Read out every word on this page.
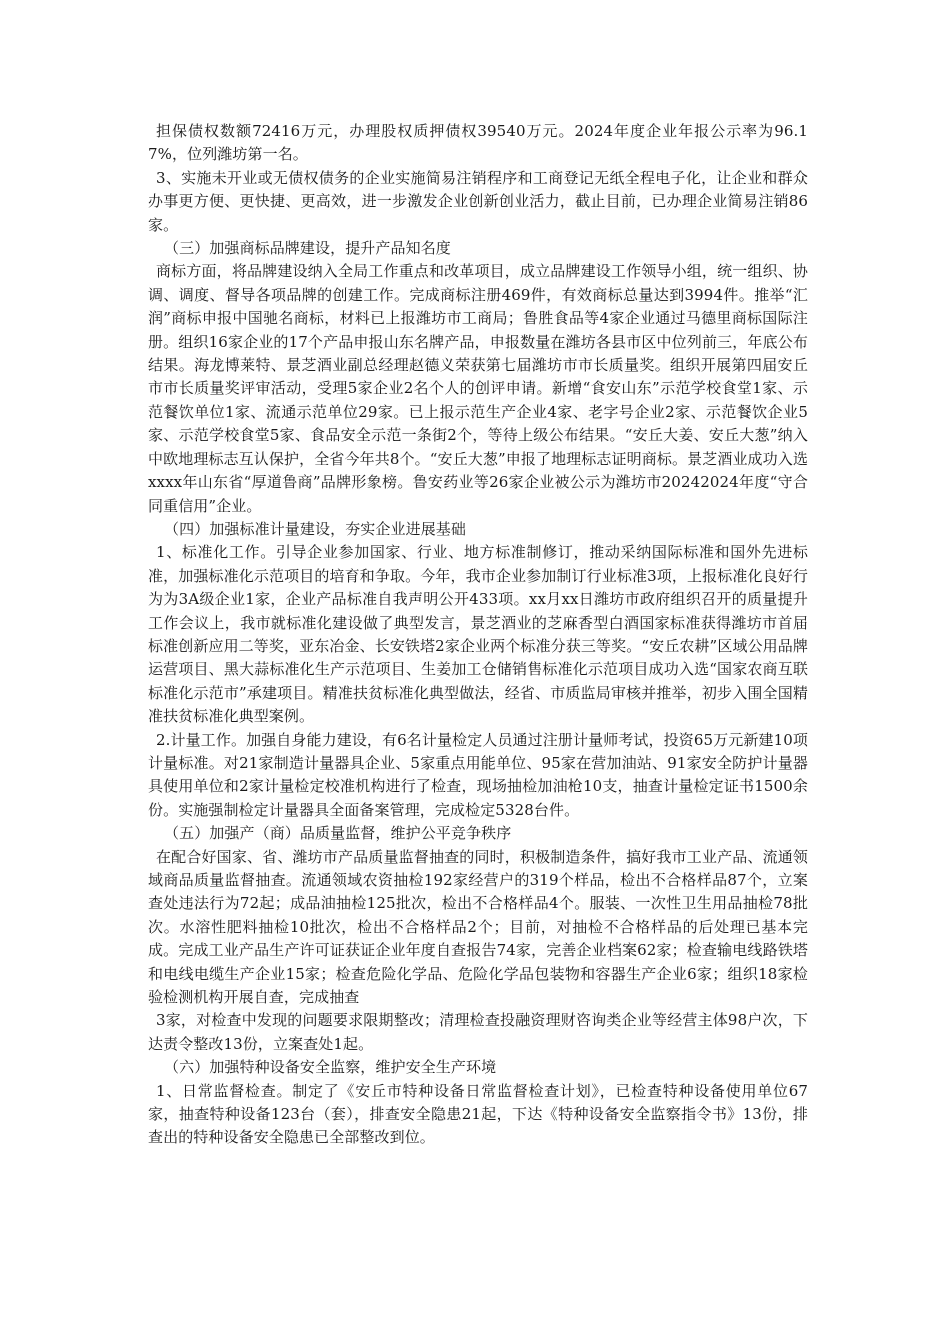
担保债权数额72416万元，办理股权质押债权39540万元。2024年度企业年报公示率为96.17%，位列潍坊第一名。

3、实施未开业或无债权债务的企业实施简易注销程序和工商登记无纸全程电子化，让企业和群众办事更方便、更快捷、更高效，进一步激发企业创新创业活力，截止目前，已办理企业简易注销86家。

（三）加强商标品牌建设，提升产品知名度

商标方面，将品牌建设纳入全局工作重点和改革项目，成立品牌建设工作领导小组，统一组织、协调、调度、督导各项品牌的创建工作。完成商标注册469件，有效商标总量达到3994件。推举“汇润”商标申报中国驰名商标，材料已上报潍坊市工商局；鲁胜食品等4家企业通过马德里商标国际注册。组织16家企业的17个产品申报山东名牌产品，申报数量在潍坊各县市区中位列前三，年底公布结果。海龙博莱特、景芝酒业副总经理赵德义荣获第七届潍坊市市长质量奖。组织开展第四届安丘市市长质量奖评审活动，受理5家企业2名个人的创评申请。新增“食安山东”示范学校食堂1家、示范餐饮单位1家、流通示范单位29家。已上报示范生产企业4家、老字号企业2家、示范餐饮企业5家、示范学校食堂5家、食品安全示范一条街2个，等待上级公布结果。“安丘大姜、安丘大葱”纳入中欧地理标志互认保护，全省今年共8个。“安丘大葱”申报了地理标志证明商标。景芝酒业成功入选xxxx年山东省“厚道鲁商”品牌形象榜。鲁安药业等26家企业被公示为潍坊市20242024年度“守合同重信用”企业。

（四）加强标准计量建设，夯实企业进展基础

1、标准化工作。引导企业参加国家、行业、地方标准制修订，推动采纳国际标准和国外先进标准，加强标准化示范项目的培育和争取。今年，我市企业参加制订行业标准3项，上报标准化良好行为为3A级企业1家，企业产品标准自我声明公开433项。xx月xx日潍坊市政府组织召开的质量提升工作会议上，我市就标准化建设做了典型发言，景芝酒业的芝麻香型白酒国家标准获得潍坊市首届标准创新应用二等奖，亚东冶金、长安铁塔2家企业两个标准分获三等奖。“安丘农耕”区域公用品牌运营项目、黑大蒜标准化生产示范项目、生姜加工仓储销售标准化示范项目成功入选“国家农商互联标准化示范市”承建项目。精准扶贫标准化典型做法，经省、市质监局审核并推举，初步入围全国精准扶贫标准化典型案例。

2.计量工作。加强自身能力建设，有6名计量检定人员通过注册计量师考试，投资65万元新建10项计量标准。对21家制造计量器具企业、5家重点用能单位、95家在营加油站、91家安全防护计量器具使用单位和2家计量检定校准机构进行了检查，现场抽检加油枪10支，抽查计量检定证书1500余份。实施强制检定计量器具全面备案管理，完成检定5328台件。

（五）加强产（商）品质量监督，维护公平竞争秩序

在配合好国家、省、潍坊市产品质量监督抽查的同时，积极制造条件，搞好我市工业产品、流通领域商品质量监督抽查。流通领域农资抽检192家经营户的319个样品，检出不合格样品87个，立案查处违法行为72起；成品油抽检125批次，检出不合格样品4个。服装、一次性卫生用品抽检78批次。水溶性肥料抽检10批次，检出不合格样品2个；目前，对抽检不合格样品的后处理已基本完成。完成工业产品生产许可证获证企业年度自查报告74家，完善企业档案62家；检查输电线路铁塔和电线电缆生产企业15家；检查危险化学品、危险化学品包装物和容器生产企业6家；组织18家检验检测机构开展自查，完成抽查

3家，对检查中发现的问题要求限期整改；清理检查投融资理财咨询类企业等经营主体98户次，下达责令整改13份，立案查处1起。

（六）加强特种设备安全监察，维护安全生产环境

1、日常监督检查。制定了《安丘市特种设备日常监督检查计划》，已检查特种设备使用单位67家，抽查特种设备123台（套），排查安全隐患21起，下达《特种设备安全监察指令书》13份，排查出的特种设备安全隐患已全部整改到位。
